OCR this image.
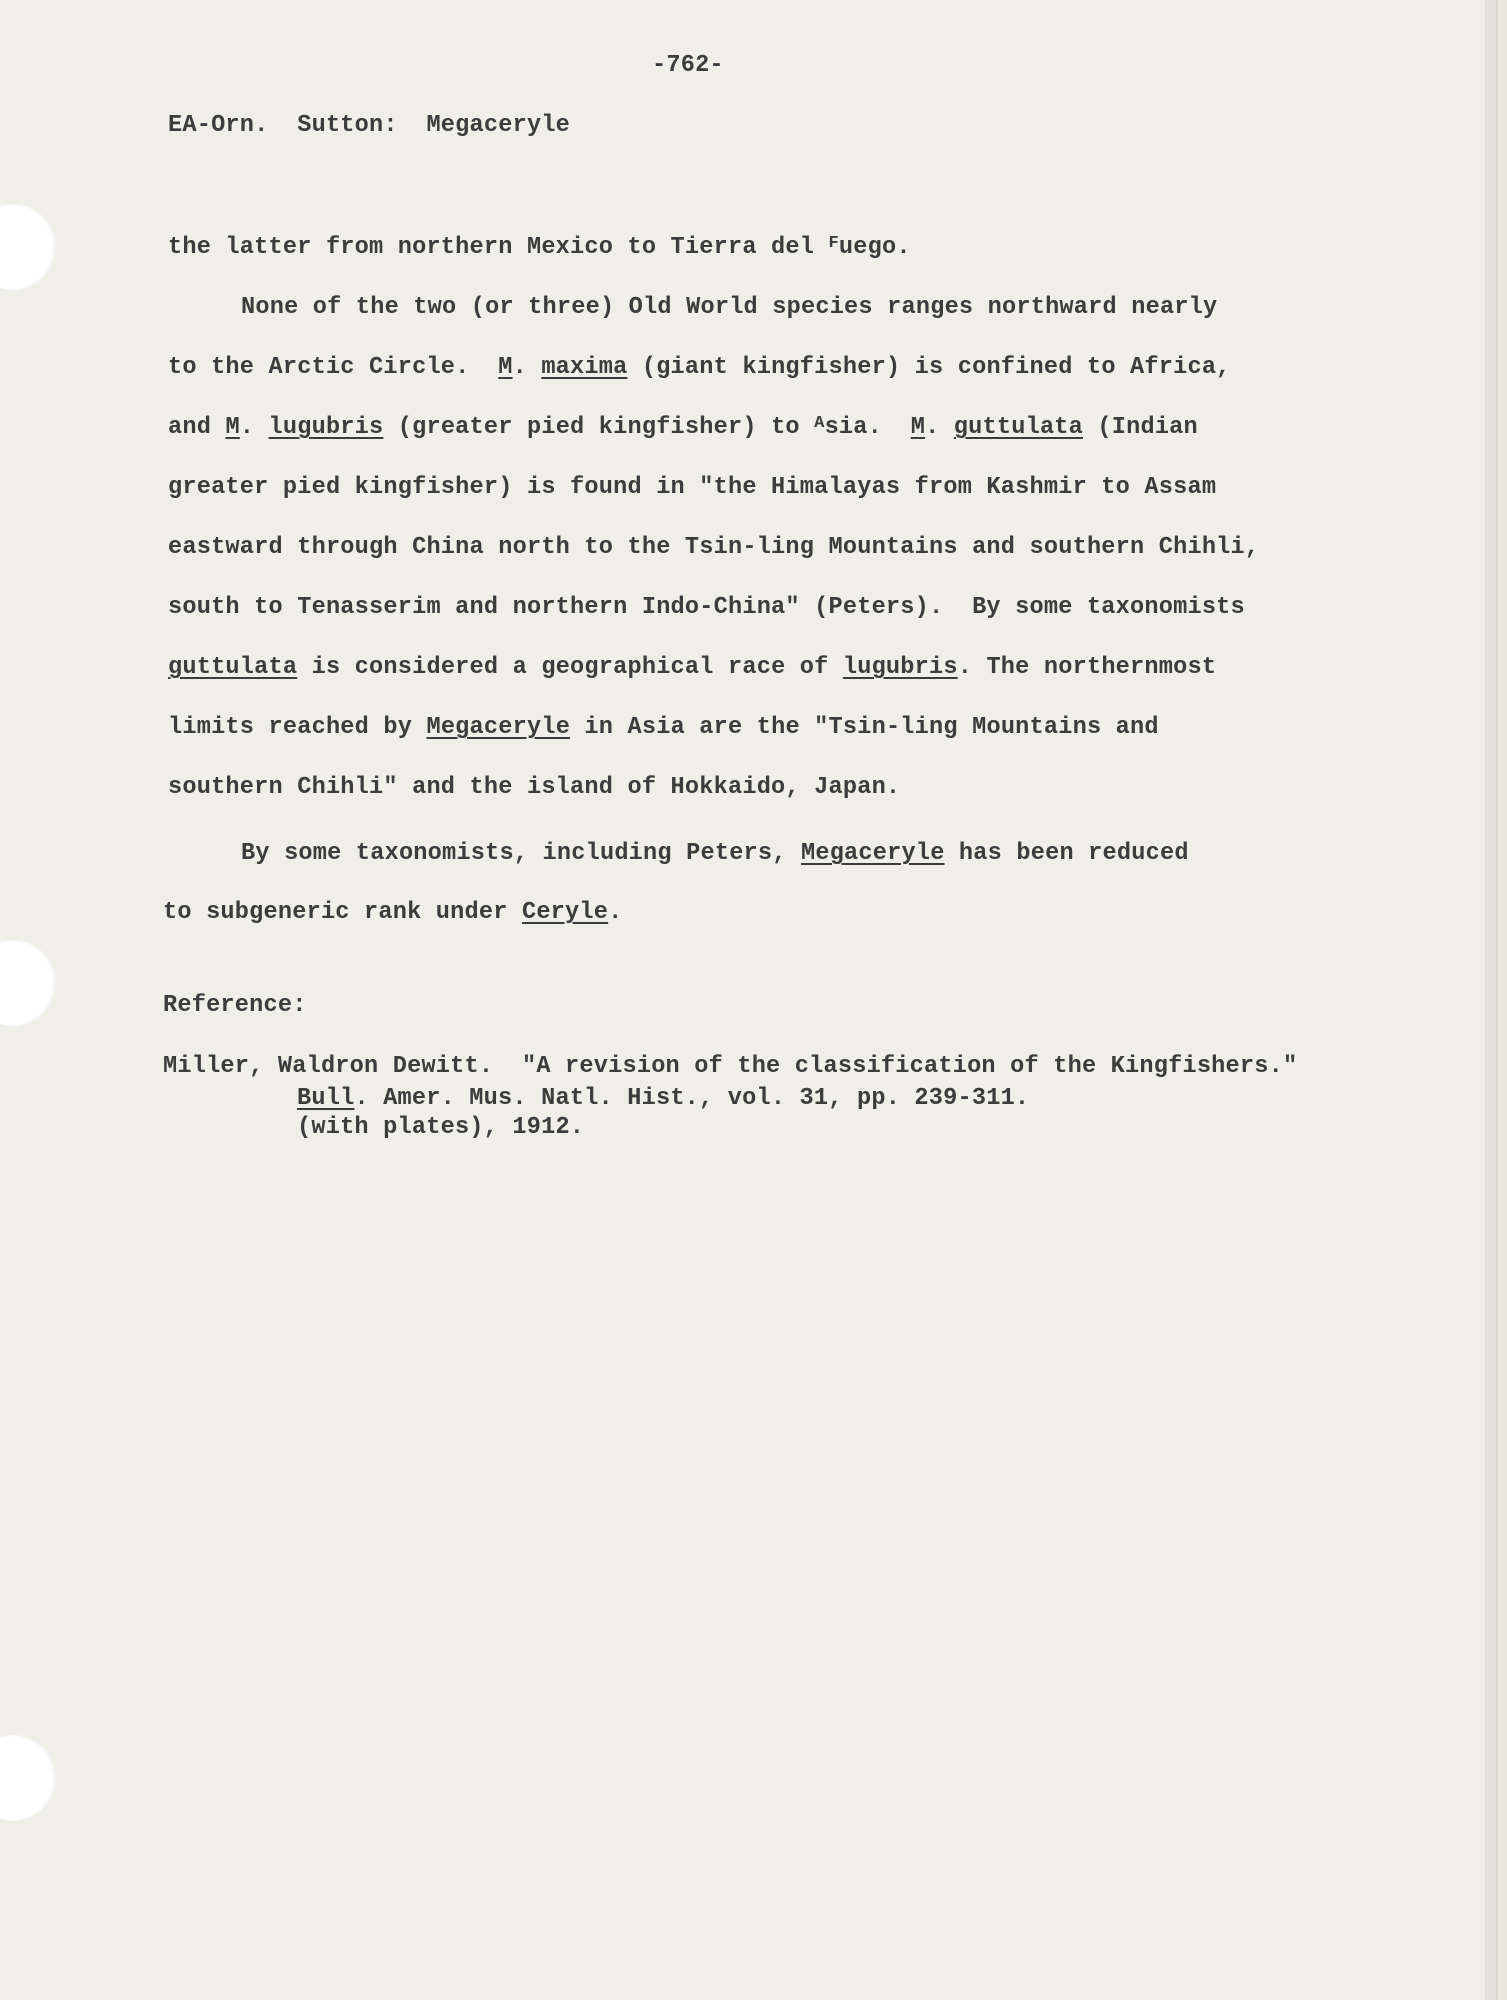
-762-
EA-Orn.  Sutton:  Megaceryle
the latter from northern Mexico to Tierra del $^F$uego.
None of the two (or three) Old World species ranges northward nearly
to the Arctic Circle.  M. maxima (giant kingfisher) is confined to Africa,
and M. lugubris (greater pied kingfisher) to $^A$sia.  M. guttulata (Indian
greater pied kingfisher) is found in "the Himalayas from Kashmir to Assam
eastward through China north to the Tsin-ling Mountains and southern Chihli,
south to Tenasserim and northern Indo-China" (Peters).  By some taxonomists
guttulata is considered a geographical race of lugubris. The northernmost
limits reached by Megaceryle in Asia are the "Tsin-ling Mountains and
southern Chihli" and the island of Hokkaido, Japan.
By some taxonomists, including Peters, Megaceryle has been reduced
to subgeneric rank under Ceryle.
Reference:
Miller, Waldron Dewitt.  "A revision of the classification of the Kingfishers."
Bull. Amer. Mus. Natl. Hist., vol. 31, pp. 239-311.
(with plates), 1912.
